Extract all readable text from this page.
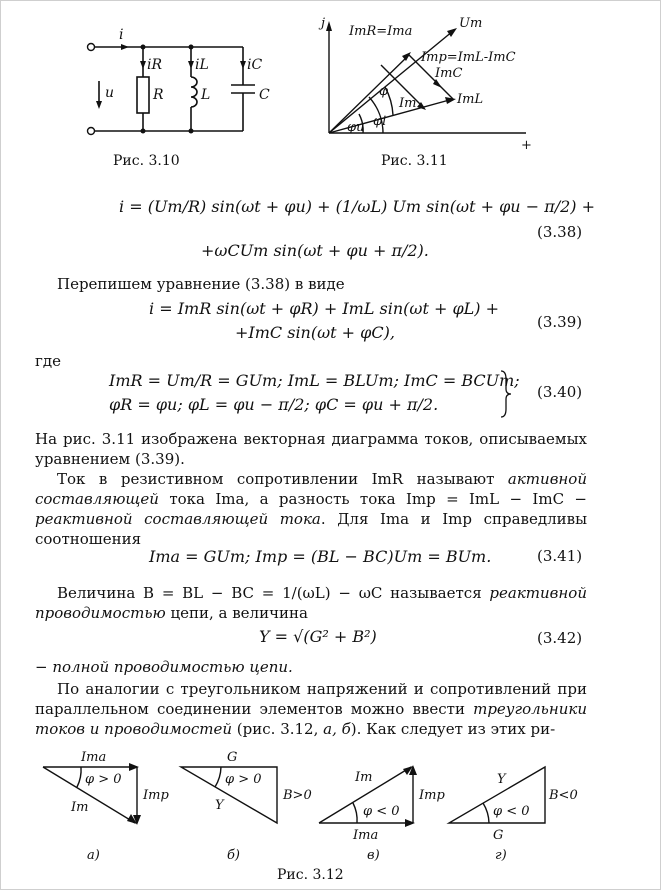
i
iR iL	iC
u	R	L	C
Рис. 3.10
j
+
ImR=Ima
Um
Imp=ImL-ImC
ImC
ImL
Im
φ
φu φi
Рис. 3.11
i = (Um/R) sin(ωt + φu) + (1/ωL) Um sin(ωt + φu − π/2) +
+ωCUm sin(ωt + φu + π/2).
(3.38)
Перепишем уравнение (3.38) в виде
i = ImR sin(ωt + φR) + ImL sin(ωt + φL) +
+ImC sin(ωt + φC),
(3.39)
где
ImR = Um/R = GUm; ImL = BLUm; ImC = BCUm;
φR = φu; φL = φu − π/2; φC = φu + π/2.
(3.40)
На рис. 3.11 изображена векторная диаграмма токов, описываемых уравнением (3.39).
Ток в резистивном сопротивлении ImR называют активной составляющей тока Ima, а разность тока Imp = ImL − ImC − реактивной составляющей тока. Для Ima и Imp справедливы соотношения
Ima = GUm; Imp = (BL − BC)Um = BUm.	(3.41)
Величина B = BL − BC = 1/(ωL) − ωC называется реактивной проводимостью цепи, а величина
Y = √(G² + B²)	(3.42)
− полной проводимостью цепи.
По аналогии с треугольником напряжений и сопротивлений при параллельном соединении элементов можно ввести треугольники токов и проводимостей (рис. 3.12, а, б). Как следует из этих ри-
Ima
Imp
Im
φ > 0
а)
G
B>0
Y
φ > 0
б)
Ima
Imp
Im
φ < 0
в)
G
B<0
Y
φ < 0
г)
Рис. 3.12
